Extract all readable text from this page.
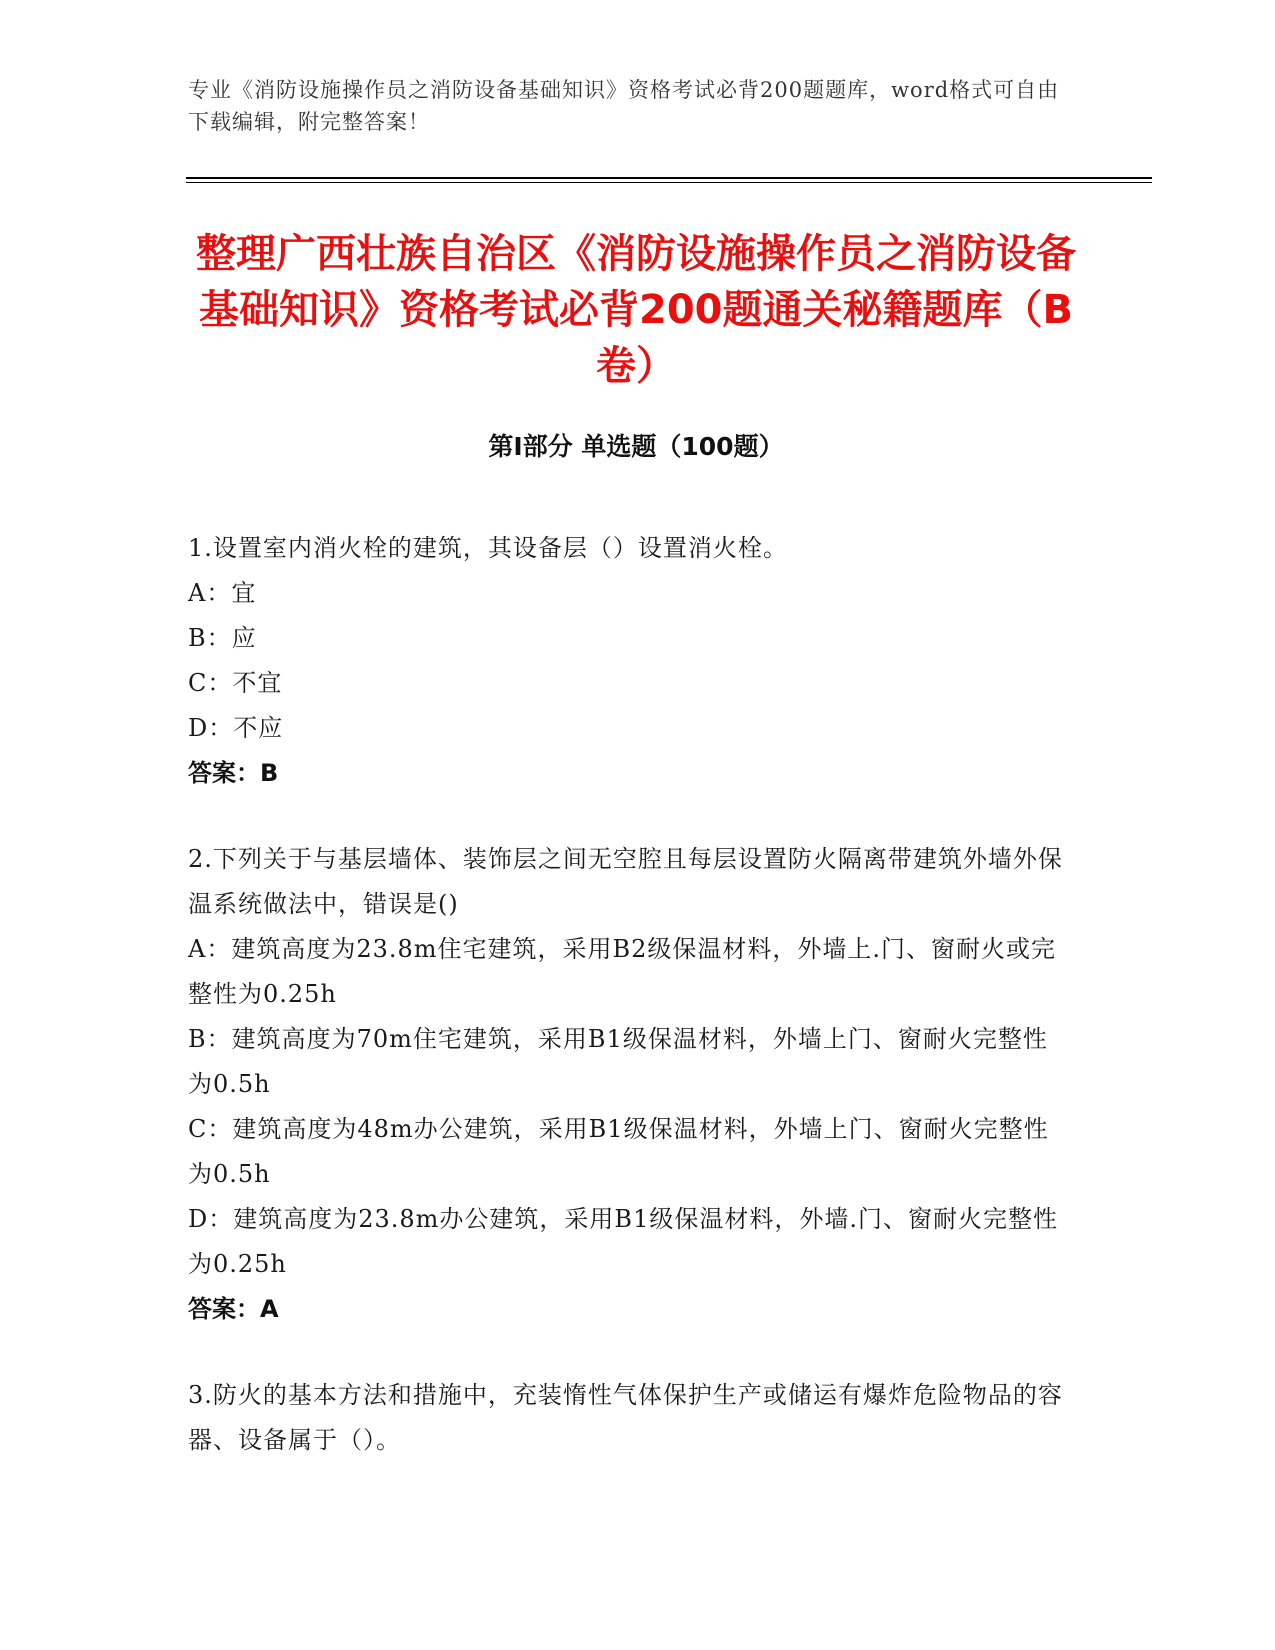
专业《消防设施操作员之消防设备基础知识》资格考试必背200题题库，word格式可自由下载编辑，附完整答案！
整理广西壮族自治区《消防设施操作员之消防设备基础知识》资格考试必背200题通关秘籍题库（B卷）
第Ⅰ部分 单选题（100题）
1.设置室内消火栓的建筑，其设备层（）设置消火栓。
A：宜
B：应
C：不宜
D：不应
答案：B
2.下列关于与基层墙体、装饰层之间无空腔且每层设置防火隔离带建筑外墙外保温系统做法中，错误是()
A：建筑高度为23.8m住宅建筑，采用B2级保温材料，外墙上.门、窗耐火或完整性为0.25h
B：建筑高度为70m住宅建筑，采用B1级保温材料，外墙上门、窗耐火完整性为0.5h
C：建筑高度为48m办公建筑，采用B1级保温材料，外墙上门、窗耐火完整性为0.5h
D：建筑高度为23.8m办公建筑，采用B1级保温材料，外墙.门、窗耐火完整性为0.25h
答案：A
3.防火的基本方法和措施中，充装惰性气体保护生产或储运有爆炸危险物品的容器、设备属于（）。
